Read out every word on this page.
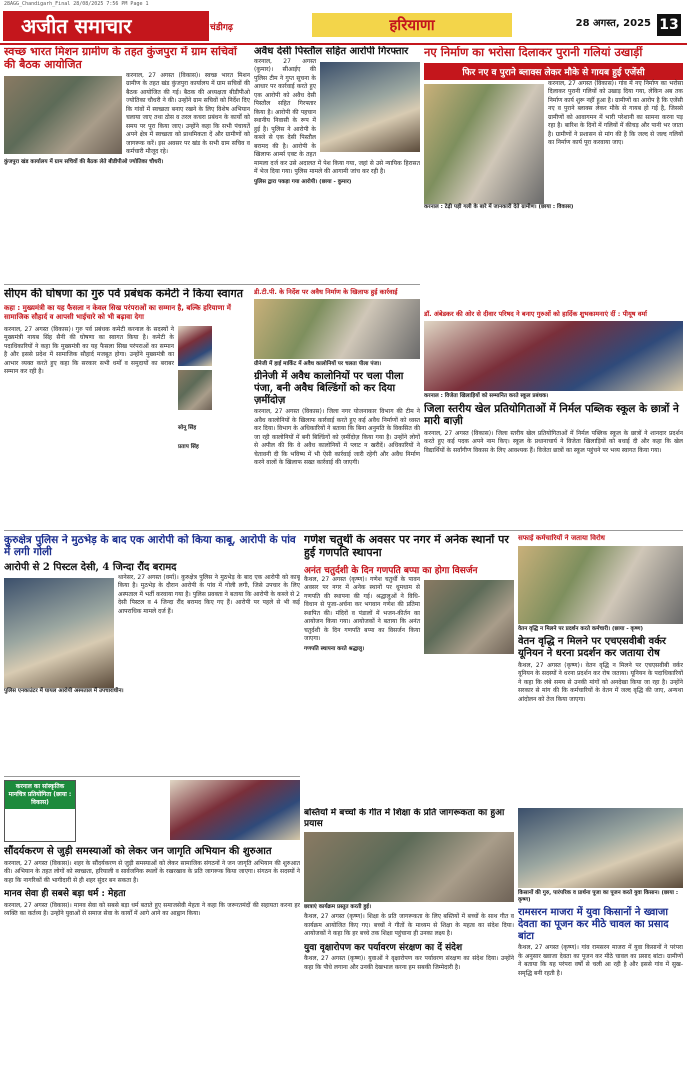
28AGG_Chandigarh_Final 28/08/2025 7:56 PM Page 1
अजीत समाचार	चंडीगढ़	हरियाणा	28 अगस्त, 2025 13
स्वच्छ भारत मिशन ग्रामीण के तहत कुंजपुरा में ग्राम सचिवों की बैठक आयोजित
करनाल, 27 अगस्त (विकास)। स्वच्छ भारत मिशन ग्रामीण के तहत खंड कुंजपुरा कार्यालय में ग्राम सचिवों की बैठक आयोजित की गई। बैठक की अध्यक्षता बीडीपीओ ज्योतिका चौधरी ने की। उन्होंने ग्राम सचिवों को निर्देश दिए कि गांवों में स्वच्छता बनाए रखने के लिए विशेष अभियान चलाया जाए तथा ठोस व तरल कचरा प्रबंधन के कार्यों को समय पर पूरा किया जाए। उन्होंने कहा कि सभी पंचायतें अपने क्षेत्र में स्वच्छता को प्राथमिकता दें और ग्रामीणों को जागरूक करें। इस अवसर पर खंड के सभी ग्राम सचिव व कर्मचारी मौजूद रहे।
कुंजपुरा खंड कार्यालय में ग्राम सचिवों की बैठक लेते बीडीपीओ ज्योतिका चौधरी।
अवैध देसी पिस्तौल सहित आरोपी गिरफ्तार
करनाल, 27 अगस्त (कुमार)। सीआईए की पुलिस टीम ने गुप्त सूचना के आधार पर कार्रवाई करते हुए एक आरोपी को अवैध देसी पिस्तौल सहित गिरफ्तार किया है। आरोपी की पहचान स्थानीय निवासी के रूप में हुई है। पुलिस ने आरोपी के कब्जे से एक देसी पिस्तौल बरामद की है। आरोपी के खिलाफ आर्म्स एक्ट के तहत मामला दर्ज कर उसे अदालत में पेश किया गया, जहां से उसे न्यायिक हिरासत में भेज दिया गया। पुलिस मामले की आगामी जांच कर रही है।
पुलिस द्वारा पकड़ा गया आरोपी। (छाया - कुमार)
नए निर्माण का भरोसा दिलाकर पुरानी गलियां उखाड़ीं
फिर नए व पुराने ब्लाक्स लेकर मौके से गायब हुई एजेंसी
करनाल, 27 अगस्त (विकास)। गांव में नए निर्माण का भरोसा दिलाकर पुरानी गलियों को उखाड़ दिया गया, लेकिन अब तक निर्माण कार्य शुरू नहीं हुआ है। ग्रामीणों का आरोप है कि एजेंसी नए व पुराने ब्लाक्स लेकर मौके से गायब हो गई है, जिससे ग्रामीणों को आवागमन में भारी परेशानी का सामना करना पड़ रहा है। बारिश के दिनों में गलियों में कीचड़ और पानी भर जाता है। ग्रामीणों ने प्रशासन से मांग की है कि जल्द से जल्द गलियों का निर्माण कार्य पूरा करवाया जाए।
करनाल : टेढ़ी पड़ी गली के बारे में जानकारी देते ग्रामीण। (छाया : विकास)
सीएम की घोषणा का गुरु पर्व प्रबंधक कमेटी ने किया स्वागत
कहा : मुख्यमंत्री का यह फैसला न केवल सिख परंपराओं का सम्मान है, बल्कि हरियाणा में सामाजिक सौहार्द व आपसी भाईचारे को भी बढ़ावा देगा
सोनू सिंह प्रताप सिंह
करनाल, 27 अगस्त (विकास)। गुरु पर्व प्रबंधक कमेटी करनाल के सदस्यों ने मुख्यमंत्री नायब सिंह सैनी की घोषणा का स्वागत किया है। कमेटी के पदाधिकारियों ने कहा कि मुख्यमंत्री का यह फैसला सिख परंपराओं का सम्मान है और इससे प्रदेश में सामाजिक सौहार्द मजबूत होगा। उन्होंने मुख्यमंत्री का आभार व्यक्त करते हुए कहा कि सरकार सभी धर्मों व समुदायों का बराबर सम्मान कर रही है।
डी.टी.पी. के निर्देश पर अवैध निर्माण के खिलाफ हुई कार्रवाई
ग्रीनेजी में हाई मार्किट में अवैध कालोनियों पर चलता पीला पंजा।
ग्रीनेजी में अवैध कालोनियों पर चला पीला पंजा, बनी अवैध बिल्डिंगों को कर दिया ज़मींदोज़
करनाल, 27 अगस्त (विकास)। जिला नगर योजनाकार विभाग की टीम ने अवैध कालोनियों के खिलाफ कार्रवाई करते हुए कई अवैध निर्माणों को ध्वस्त कर दिया। विभाग के अधिकारियों ने बताया कि बिना अनुमति के विकसित की जा रही कालोनियों में बनी बिल्डिंगों को ज़मींदोज़ किया गया है। उन्होंने लोगों से अपील की कि वे अवैध कालोनियों में प्लाट न खरीदें। अधिकारियों ने चेतावनी दी कि भविष्य में भी ऐसी कार्रवाई जारी रहेगी और अवैध निर्माण करने वालों के खिलाफ सख्त कार्रवाई की जाएगी।
डॉ. अंबेडकर की ओर से दीवार परिषद ने बनाए गुरुओं को हार्दिक शुभकामनाएं दीं : पीयूष वर्मा
करनाल : विजेता खिलाड़ियों को सम्मानित करते स्कूल प्रबंधक।
जिला स्तरीय खेल प्रतियोगिताओं में निर्मल पब्लिक स्कूल के छात्रों ने मारी बाज़ी
करनाल, 27 अगस्त (विकास)। जिला स्तरीय खेल प्रतियोगिताओं में निर्मल पब्लिक स्कूल के छात्रों ने शानदार प्रदर्शन करते हुए कई पदक अपने नाम किए। स्कूल के प्रधानाचार्य ने विजेता खिलाड़ियों को बधाई दी और कहा कि खेल विद्यार्थियों के सर्वांगीण विकास के लिए आवश्यक हैं। विजेता छात्रों का स्कूल पहुंचने पर भव्य स्वागत किया गया।
कुरुक्षेत्र पुलिस ने मुठभेड़ के बाद एक आरोपी को किया काबू, आरोपी के पांव में लगी गोली
आरोपी से 2 पिस्टल देसी, 4 जिन्दा रौंद बरामद
थानेसर, 27 अगस्त (वर्मा)। कुरुक्षेत्र पुलिस ने मुठभेड़ के बाद एक आरोपी को काबू किया है। मुठभेड़ के दौरान आरोपी के पांव में गोली लगी, जिसे उपचार के लिए अस्पताल में भर्ती करवाया गया है। पुलिस प्रवक्ता ने बताया कि आरोपी के कब्जे से 2 देसी पिस्टल व 4 जिन्दा रौंद बरामद किए गए हैं। आरोपी पर पहले से भी कई आपराधिक मामले दर्ज हैं।
पुलिस एनकाउंटर में घायल आरोपी अस्पताल में उपचाराधीन।
गणेश चतुर्थी के अवसर पर नगर में अनेक स्थानों पर हुई गणपति स्थापना
अनंत चतुर्दशी के दिन गणपति बप्पा का होगा विसर्जन
कैथल, 27 अगस्त (कृष्ण)। गणेश चतुर्थी के पावन अवसर पर नगर में अनेक स्थानों पर धूमधाम से गणपति की स्थापना की गई। श्रद्धालुओं ने विधि-विधान से पूजा-अर्चना कर भगवान गणेश की प्रतिमा स्थापित की। मंदिरों व पंडालों में भजन-कीर्तन का आयोजन किया गया। आयोजकों ने बताया कि अनंत चतुर्दशी के दिन गणपति बप्पा का विसर्जन किया जाएगा।
गणपति स्थापना करते श्रद्धालु।
सफाई कर्मचारियों ने जताया विरोध
वेतन वृद्धि न मिलने पर प्रदर्शन करते कर्मचारी। (छाया - कृष्ण)
वेतन वृद्धि न मिलने पर एचएसवीबी वर्कर यूनियन ने धरना प्रदर्शन कर जताया रोष
कैथल, 27 अगस्त (कृष्ण)। वेतन वृद्धि न मिलने पर एचएसवीबी वर्कर यूनियन के सदस्यों ने धरना प्रदर्शन कर रोष जताया। यूनियन के पदाधिकारियों ने कहा कि लंबे समय से उनकी मांगों को अनदेखा किया जा रहा है। उन्होंने सरकार से मांग की कि कर्मचारियों के वेतन में जल्द वृद्धि की जाए, अन्यथा आंदोलन को तेज किया जाएगा।
करनाल का सांस्कृतिक मानचित्र प्रतियोगिता (छाया : विकास)
सौंदर्यकरण से जुड़ी समस्याओं को लेकर जन जागृति अभियान की शुरुआत
करनाल, 27 अगस्त (विकास)। शहर के सौंदर्यकरण से जुड़ी समस्याओं को लेकर सामाजिक संगठनों ने जन जागृति अभियान की शुरुआत की। अभियान के तहत लोगों को स्वच्छता, हरियाली व सार्वजनिक स्थलों के रखरखाव के प्रति जागरूक किया जाएगा। संगठन के सदस्यों ने कहा कि नागरिकों की भागीदारी से ही शहर सुंदर बन सकता है।
मानव सेवा ही सबसे बड़ा धर्म : मेहता
करनाल, 27 अगस्त (विकास)। मानव सेवा को सबसे बड़ा धर्म बताते हुए समाजसेवी मेहता ने कहा कि जरूरतमंदों की सहायता करना हर व्यक्ति का कर्तव्य है। उन्होंने युवाओं से समाज सेवा के कार्यों में आगे आने का आह्वान किया।
बस्तियों में बच्चों के गीत में शिक्षा के प्रति जागरूकता का हुआ प्रयास
छात्राएं कार्यक्रम प्रस्तुत करती हुई।
कैथल, 27 अगस्त (कृष्ण)। शिक्षा के प्रति जागरूकता के लिए बस्तियों में बच्चों के साथ गीत व कार्यक्रम आयोजित किए गए। बच्चों ने गीतों के माध्यम से शिक्षा के महत्व का संदेश दिया। आयोजकों ने कहा कि हर बच्चे तक शिक्षा पहुंचाना ही उनका लक्ष्य है।
युवा वृक्षारोपण कर पर्यावरण संरक्षण का दें संदेश
कैथल, 27 अगस्त (कृष्ण)। युवाओं ने वृक्षारोपण कर पर्यावरण संरक्षण का संदेश दिया। उन्होंने कहा कि पौधे लगाना और उनकी देखभाल करना हम सबकी जिम्मेदारी है।
किसानों की गुरु, पारंपरिक व प्रार्थना पूजा का पूजन करते युवा किसान। (छाया : कृष्ण)
रामसरन माजरा में युवा किसानों ने ख्वाजा देवता का पूजन कर मीठे चावल का प्रसाद बांटा
कैथल, 27 अगस्त (कृष्ण)। गांव रामसरन माजरा में युवा किसानों ने परंपरा के अनुसार ख्वाजा देवता का पूजन कर मीठे चावल का प्रसाद बांटा। ग्रामीणों ने बताया कि यह परंपरा वर्षों से चली आ रही है और इससे गांव में सुख-समृद्धि बनी रहती है।
